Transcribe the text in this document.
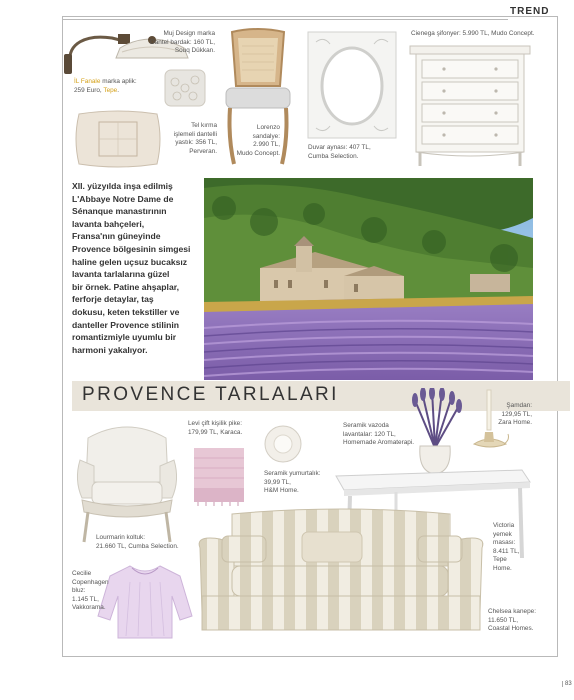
TREND
Muj Design marka
Dantel bardak: 160 TL,
Souq Dükkan.
İL Fanale marka aplik:
259 Euro, Tepe.
Tel kırma
işlemeli dantelli
yastık: 356 TL,
Perveran.
Lorenzo
sandalye:
2.990 TL,
Mudo Concept.
Duvar aynası: 407 TL,
Cumba Selection.
Cienega şifonyer: 5.990 TL, Mudo Concept.
XII. yüzyılda inşa edilmiş
L'Abbaye Notre Dame de
Sénanque manastırının
lavanta bahçeleri,
Fransa'nın güneyinde
Provence bölgesinin simgesi
haline gelen uçsuz bucaksız
lavanta tarlalarına güzel
bir örnek. Patine ahşaplar,
ferforje detaylar, taş
dokusu, keten tekstiller ve
danteller Provence stilinin
romantizmiyle uyumlu bir
harmoni yakalıyor.
PROVENCE TARLALARI
Lourmarin koltuk:
21.660 TL, Cumba Selection.
Levi çift kişilik pike:
179,99 TL, Karaca.
Seramik yumurtalık:
39,99 TL,
H&M Home.
Seramik vazoda
lavantalar: 120 TL,
Homemade Aromaterapi.
Şamdan:
129,95 TL,
Zara Home.
Victoria
yemek
masası:
8.411 TL,
Tepe
Home.
Cecilie
Copenhagen
bluz:
1.145 TL,
Vakkorama.
Chelsea kanepe:
11.650 TL,
Coastal Homes.
83
